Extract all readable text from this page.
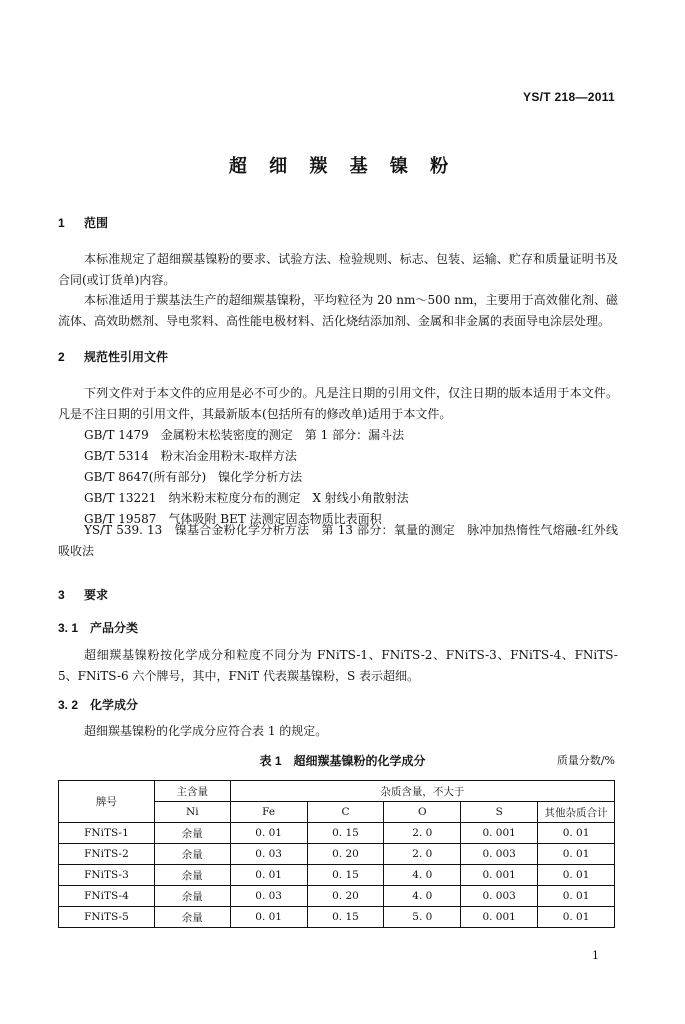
YS/T 218—2011
超 细 羰 基 镍 粉
1 范围
本标准规定了超细羰基镍粉的要求、试验方法、检验规则、标志、包装、运输、贮存和质量证明书及合同(或订货单)内容。
本标准适用于羰基法生产的超细羰基镍粉，平均粒径为 20 nm～500 nm，主要用于高效催化剂、磁流体、高效助燃剂、导电浆料、高性能电极材料、活化烧结添加剂、金属和非金属的表面导电涂层处理。
2 规范性引用文件
下列文件对于本文件的应用是必不可少的。凡是注日期的引用文件，仅注日期的版本适用于本文件。凡是不注日期的引用文件，其最新版本(包括所有的修改单)适用于本文件。
GB/T 1479　金属粉末松装密度的测定　第 1 部分：漏斗法
GB/T 5314　粉末冶金用粉末-取样方法
GB/T 8647(所有部分)　镍化学分析方法
GB/T 13221　纳米粉末粒度分布的测定　X 射线小角散射法
GB/T 19587　气体吸附 BET 法测定固态物质比表面积
YS/T 539. 13　镍基合金粉化学分析方法　第 13 部分：氧量的测定　脉冲加热惰性气熔融-红外线吸收法
3 要求
3. 1 产品分类
超细羰基镍粉按化学成分和粒度不同分为 FNiTS-1、FNiTS-2、FNiTS-3、FNiTS-4、FNiTS-5、FNiTS-6 六个牌号，其中，FNiT 代表羰基镍粉，S 表示超细。
3. 2 化学成分
超细羰基镍粉的化学成分应符合表 1 的规定。
表 1　超细羰基镍粉的化学成分	质量分数/%
牌号	主含量	杂质含量，不大于				
	Ni	Fe	C	O	S	其他杂质合计
FNiTS-1	余量	0. 01	0. 15	2. 0	0. 001	0. 01
FNiTS-2	余量	0. 03	0. 20	2. 0	0. 003	0. 01
FNiTS-3	余量	0. 01	0. 15	4. 0	0. 001	0. 01
FNiTS-4	余量	0. 03	0. 20	4. 0	0. 003	0. 01
FNiTS-5	余量	0. 01	0. 15	5. 0	0. 001	0. 01
1
